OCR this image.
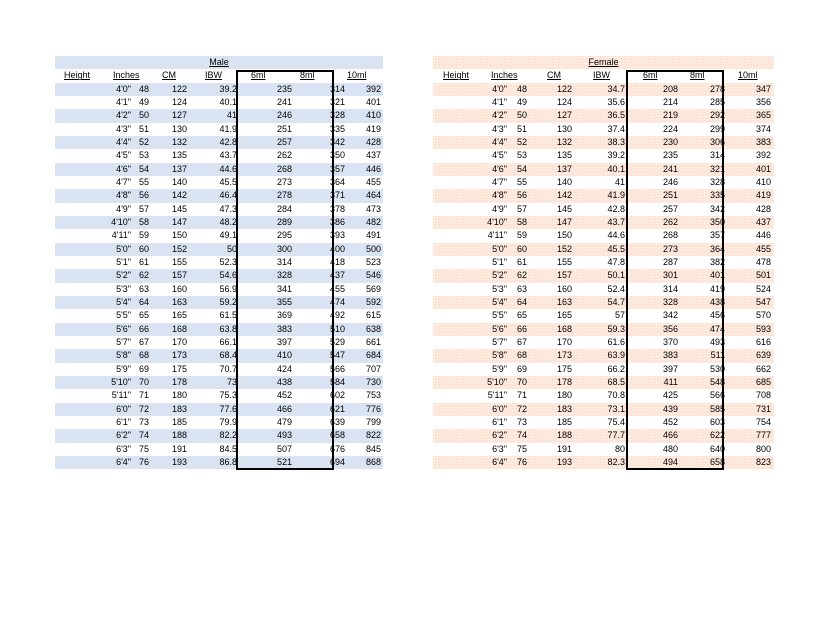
Male
Height	Inches CM	IBW	6ml	8ml	10ml
4'0" 48	122	39.2	235	314	392
4'1" 49	124	40.1	241	321	401
4'2" 50	127	41	246	328	410
4'3" 51	130	41.9	251	335	419
4'4" 52	132	42.8	257	342	428
4'5" 53	135	43.7	262	350	437
4'6" 54	137	44.6	268	357	446
4'7" 55	140	45.5	273	364	455
4'8" 56	142	46.4	278	371	464
4'9" 57	145	47.3	284	378	473
4'10" 58	147	48.2	289	386	482
4'11" 59	150	49.1	295	393	491
5'0" 60	152	50	300	400	500
5'1" 61	155	52.3	314	418	523
5'2" 62	157	54.6	328	437	546
5'3" 63	160	56.9	341	455	569
5'4" 64	163	59.2	355	474	592
5'5" 65	165	61.5	369	492	615
5'6" 66	168	63.8	383	510	638
5'7" 67	170	66.1	397	529	661
5'8" 68	173	68.4	410	547	684
5'9" 69	175	70.7	424	566	707
5'10" 70	178	73	438	584	730
5'11" 71	180	75.3	452	602	753
6'0" 72	183	77.6	466	621	776
6'1" 73	185	79.9	479	639	799
6'2" 74	188	82.2	493	658	822
6'3" 75	191	84.5	507	676	845
6'4" 76	193	86.8	521	694	868
Female
Height Inches	CM	IBW	6ml	8ml	10ml
4'0"	48	122	34.7	208	278	347
4'1"	49	124	35.6	214	285	356
4'2"	50	127	36.5	219	292	365
4'3"	51	130	37.4	224	299	374
4'4"	52	132	38.3	230	306	383
4'5"	53	135	39.2	235	314	392
4'6"	54	137	40.1	241	321	401
4'7"	55	140	41	246	328	410
4'8"	56	142	41.9	251	335	419
4'9"	57	145	42.8	257	342	428
4'10"	58	147	43.7	262	350	437
4'11"	59	150	44.6	268	357	446
5'0"	60	152	45.5	273	364	455
5'1"	61	155	47.8	287	382	478
5'2"	62	157	50.1	301	401	501
5'3"	63	160	52.4	314	419	524
5'4"	64	163	54.7	328	438	547
5'5"	65	165	57	342	456	570
5'6"	66	168	59.3	356	474	593
5'7"	67	170	61.6	370	493	616
5'8"	68	173	63.9	383	511	639
5'9"	69	175	66.2	397	530	662
5'10"	70	178	68.5	411	548	685
5'11"	71	180	70.8	425	566	708
6'0"	72	183	73.1	439	585	731
6'1"	73	185	75.4	452	603	754
6'2"	74	188	77.7	466	622	777
6'3"	75	191	80	480	640	800
6'4"	76	193	82.3	494	658	823
